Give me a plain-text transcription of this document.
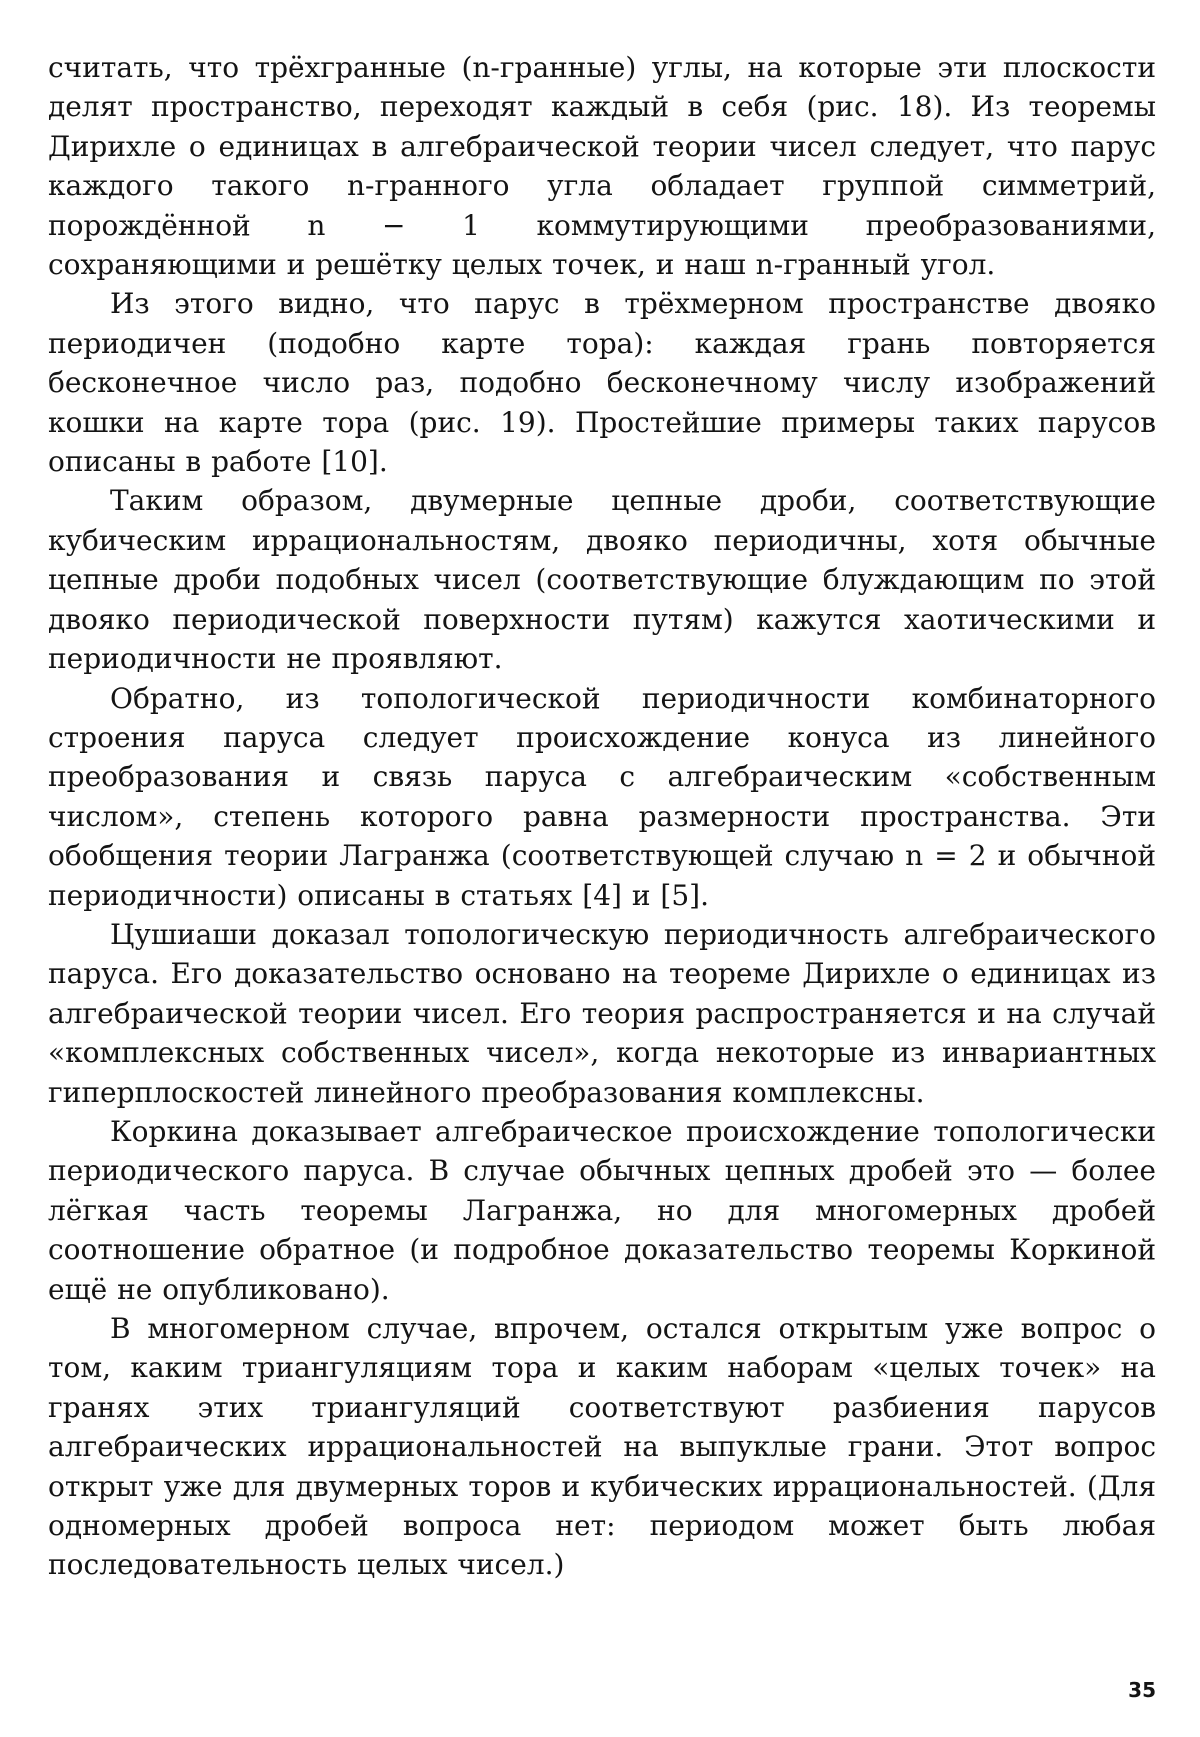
считать, что трёхгранные (n-гранные) углы, на которые эти плоскости делят пространство, переходят каждый в себя (рис. 18). Из теоремы Дирихле о единицах в алгебраической теории чисел следует, что парус каждого такого n-гранного угла обладает группой симметрий, порождённой n − 1 коммутирующими преобразованиями, сохраняющими и решётку целых точек, и наш n-гранный угол.

Из этого видно, что парус в трёхмерном пространстве двояко периодичен (подобно карте тора): каждая грань повторяется бесконечное число раз, подобно бесконечному числу изображений кошки на карте тора (рис. 19). Простейшие примеры таких парусов описаны в работе [10].

Таким образом, двумерные цепные дроби, соответствующие кубическим иррациональностям, двояко периодичны, хотя обычные цепные дроби подобных чисел (соответствующие блуждающим по этой двояко периодической поверхности путям) кажутся хаотическими и периодичности не проявляют.

Обратно, из топологической периодичности комбинаторного строения паруса следует происхождение конуса из линейного преобразования и связь паруса с алгебраическим «собственным числом», степень которого равна размерности пространства. Эти обобщения теории Лагранжа (соответствующей случаю n = 2 и обычной периодичности) описаны в статьях [4] и [5].

Цушиаши доказал топологическую периодичность алгебраического паруса. Его доказательство основано на теореме Дирихле о единицах из алгебраической теории чисел. Его теория распространяется и на случай «комплексных собственных чисел», когда некоторые из инвариантных гиперплоскостей линейного преобразования комплексны.

Коркина доказывает алгебраическое происхождение топологически периодического паруса. В случае обычных цепных дробей это — более лёгкая часть теоремы Лагранжа, но для многомерных дробей соотношение обратное (и подробное доказательство теоремы Коркиной ещё не опубликовано).

В многомерном случае, впрочем, остался открытым уже вопрос о том, каким триангуляциям тора и каким наборам «целых точек» на гранях этих триангуляций соответствуют разбиения парусов алгебраических иррациональностей на выпуклые грани. Этот вопрос открыт уже для двумерных торов и кубических иррациональностей. (Для одномерных дробей вопроса нет: периодом может быть любая последовательность целых чисел.)

35
